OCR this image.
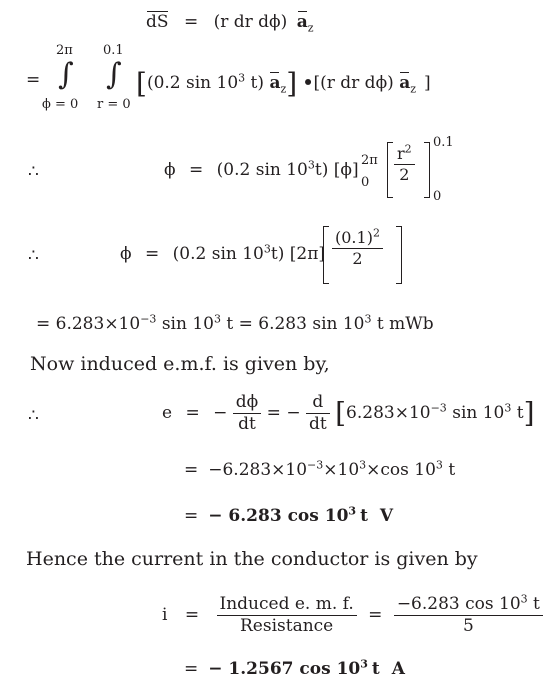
dS = (r dr dϕ) $a_z$
=
2π
∫
ϕ = 0
0.1
∫
r = 0
[(0.2 $\sin 10^3$ t) $a_z$] •[(r dr dϕ) $a_z$ ]
∴	ϕ = (0.2 $\sin 10^3t$) [ϕ] 2π
$0 \frac{r^2}{2}$
0.1
0
∴	ϕ = (0.2 $\sin 10^3t$) $[2\pi] \frac{(0.1)^2}{2}$
= $6.283\times 10^{-3}$ $\sin 10^3$ t = 6.283 $\sin 10^3$ t mWb
Now induced e.m.f. is given by,
∴	e = − $\frac{d\phi}{dt}$ = − $\frac{d}{dt} [6.283\times 10^{-3}$ $\sin 10^3$ t]
= $-6.283\times 10^{-3}\times 10^3\times\cos$ $10^3$ t
= − 6.283 $\cos 10^3$ t V
Hence the current in the conductor is given by
$i = \frac{\text{Induced e. m. f.}}{\text{Resistance}} = \frac{-6.283 \cos 10^3 t}{5}$
= − 1.2567 $\cos 10^3$ t A
